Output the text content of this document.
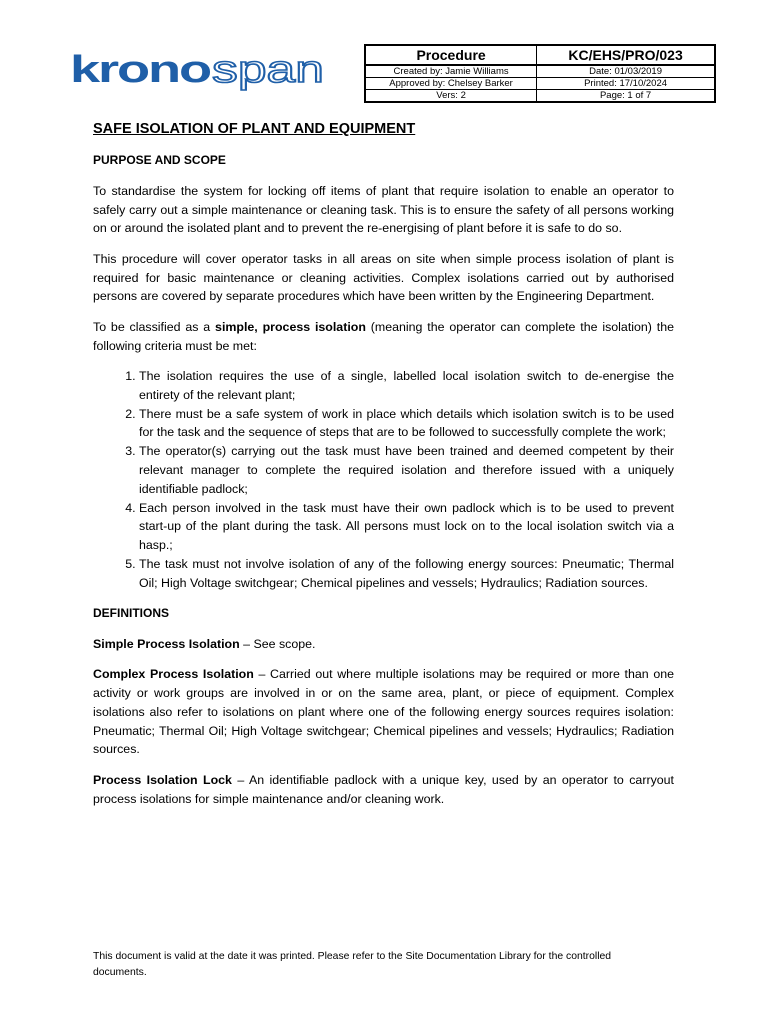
krono span	Procedure	KC/EHS/PRO/023
Created by: Jamie Williams	Date: 01/03/2019
Approved by: Chelsey Barker	Printed: 17/10/2024
Vers: 2	Page: 1 of 7
SAFE ISOLATION OF PLANT AND EQUIPMENT
PURPOSE AND SCOPE

To standardise the system for locking off items of plant that require isolation to enable an operator to safely carry out a simple maintenance or cleaning task. This is to ensure the safety of all persons working on or around the isolated plant and to prevent the re-energising of plant before it is safe to do so.

This procedure will cover operator tasks in all areas on site when simple process isolation of plant is required for basic maintenance or cleaning activities. Complex isolations carried out by authorised persons are covered by separate procedures which have been written by the Engineering Department.

To be classified as a simple, process isolation (meaning the operator can complete the isolation) the following criteria must be met:

1. The isolation requires the use of a single, labelled local isolation switch to de-energise the entirety of the relevant plant;
2. There must be a safe system of work in place which details which isolation switch is to be used for the task and the sequence of steps that are to be followed to successfully complete the work;
3. The operator(s) carrying out the task must have been trained and deemed competent by their relevant manager to complete the required isolation and therefore issued with a uniquely identifiable padlock;
4. Each person involved in the task must have their own padlock which is to be used to prevent start-up of the plant during the task. All persons must lock on to the local isolation switch via a hasp.;
5. The task must not involve isolation of any of the following energy sources: Pneumatic; Thermal Oil; High Voltage switchgear; Chemical pipelines and vessels; Hydraulics; Radiation sources.
DEFINITIONS

Simple Process Isolation – See scope.

Complex Process Isolation – Carried out where multiple isolations may be required or more than one activity or work groups are involved in or on the same area, plant, or piece of equipment. Complex isolations also refer to isolations on plant where one of the following energy sources requires isolation: Pneumatic; Thermal Oil; High Voltage switchgear; Chemical pipelines and vessels; Hydraulics; Radiation sources.

Process Isolation Lock – An identifiable padlock with a unique key, used by an operator to carryout process isolations for simple maintenance and/or cleaning work.

This document is valid at the date it was printed. Please refer to the Site Documentation Library for the controlled documents.
